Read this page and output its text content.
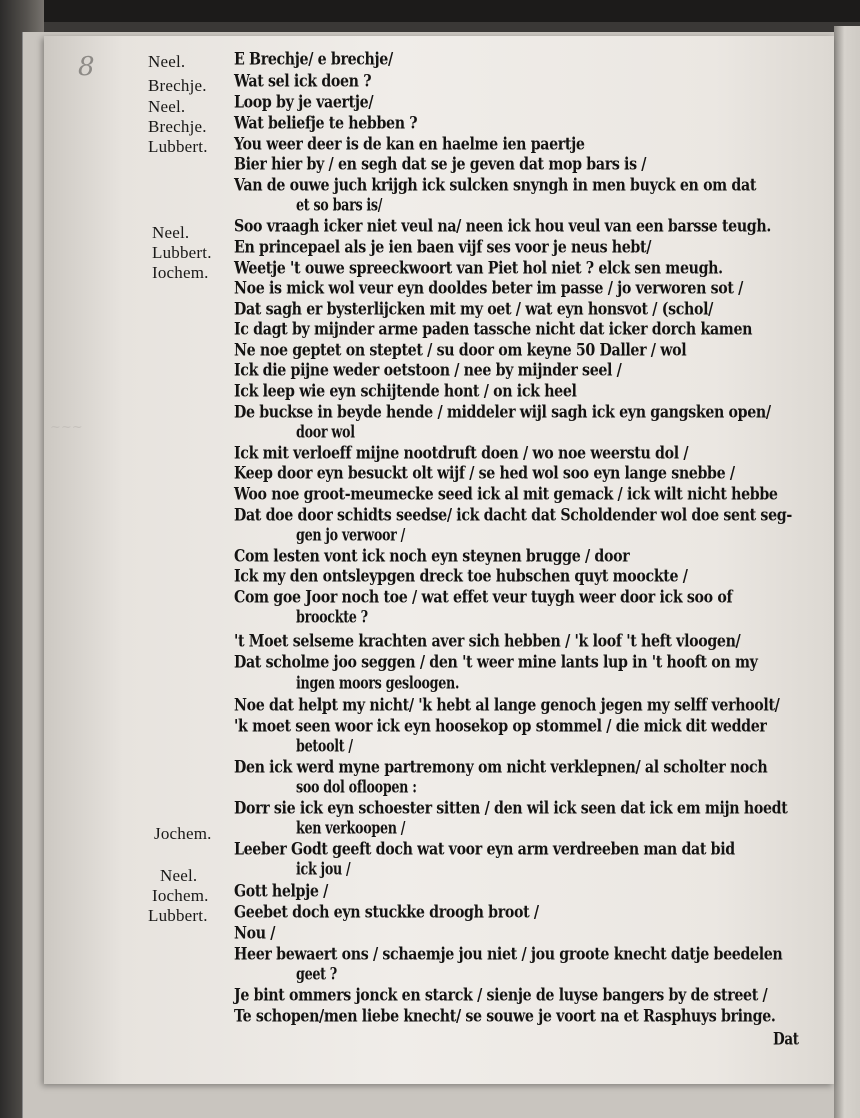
~~~
8	Neel.
Brechje.
Neel.
Brechje.
Lubbert.
Neel.
Lubbert.
Iochem.
Jochem.
Neel.
Iochem.
Lubbert.
E Brechje/ e brechje/
Wat sel ick doen ?
Loop by je vaertje/
Wat beliefje te hebben ?
You weer deer is de kan en haelme ien paertje
Bier hier by / en segh dat se je geven dat mop bars is /
Van de ouwe juch krijgh ick sulcken snyngh in men buyck en om dat
et so bars is/
Soo vraagh icker niet veul na/ neen ick hou veul van een barsse teugh.
En princepael als je ien baen vijf ses voor je neus hebt/
Weetje 't ouwe spreeckwoort van Piet hol niet ? elck sen meugh.
Noe is mick wol veur eyn dooldes beter im passe / jo verworen sot /
Dat sagh er bysterlijcken mit my oet / wat eyn honsvot / (schol/
Ic dagt by mijnder arme paden tassche nicht dat icker dorch kamen
Ne noe geptet on steptet / su door om keyne 50 Daller / wol
Ick die pijne weder oetstoon / nee by mijnder seel /
Ick leep wie eyn schijtende hont / on ick heel
De buckse in beyde hende / middeler wijl sagh ick eyn gangsken open/
door wol
Ick mit verloeff mijne nootdruft doen / wo noe weerstu dol /
Keep door eyn besuckt olt wijf / se hed wol soo eyn lange snebbe /
Woo noe groot-meumecke seed ick al mit gemack / ick wilt nicht hebbe
Dat doe door schidts seedse/ ick dacht dat Scholdender wol doe sent seg-
gen jo verwoor /
Com lesten vont ick noch eyn steynen brugge / door
Ick my den ontsleypgen dreck toe hubschen quyt moockte /
Com goe Joor noch toe / wat effet veur tuygh weer door ick soo of
broockte ?
't Moet selseme krachten aver sich hebben / 'k loof 't heft vloogen/
Dat scholme joo seggen / den 't weer mine lants lup in 't hooft on my
ingen moors gesloogen.
Noe dat helpt my nicht/ 'k hebt al lange genoch jegen my selff verhoolt/
'k moet seen woor ick eyn hoosekop op stommel / die mick dit wedder
betoolt /
Den ick werd myne partremony om nicht verklepnen/ al scholter noch
soo dol ofloopen :
Dorr sie ick eyn schoester sitten / den wil ick seen dat ick em mijn hoedt
ken verkoopen /
Leeber Godt geeft doch wat voor eyn arm verdreeben man dat bid
ick jou /
Gott helpje /
Geebet doch eyn stuckke droogh broot /
Nou /
Heer bewaert ons / schaemje jou niet / jou groote knecht datje beedelen
geet ?
Je bint ommers jonck en starck / sienje de luyse bangers by de street /
Te schopen/men liebe knecht/ se souwe je voort na et Rasphuys bringe.
Dat
